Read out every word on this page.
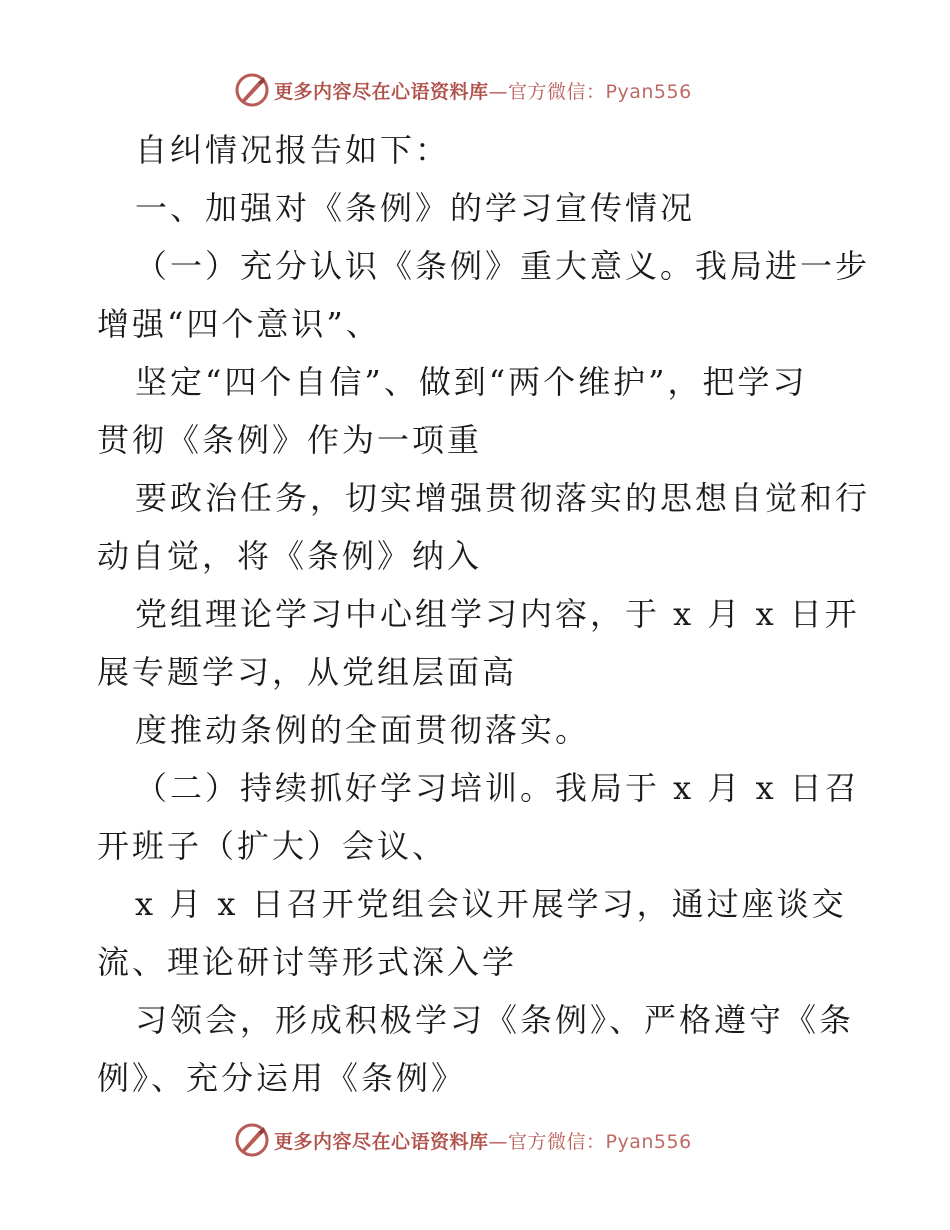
更多内容尽在心语资料库—官方微信：Pyan556
自纠情况报告如下：
一、加强对《条例》的学习宣传情况
（一）充分认识《条例》重大意义。我局进一步
增强“四个意识”、
坚定“四个自信”、做到“两个维护”，把学习
贯彻《条例》作为一项重
要政治任务，切实增强贯彻落实的思想自觉和行
动自觉，将《条例》纳入
党组理论学习中心组学习内容，于 x 月 x 日开
展专题学习，从党组层面高
度推动条例的全面贯彻落实。
（二）持续抓好学习培训。我局于 x 月 x 日召
开班子（扩大）会议、
x 月 x 日召开党组会议开展学习，通过座谈交
流、理论研讨等形式深入学
习领会，形成积极学习《条例》、严格遵守《条
例》、充分运用《条例》
更多内容尽在心语资料库—官方微信：Pyan556
